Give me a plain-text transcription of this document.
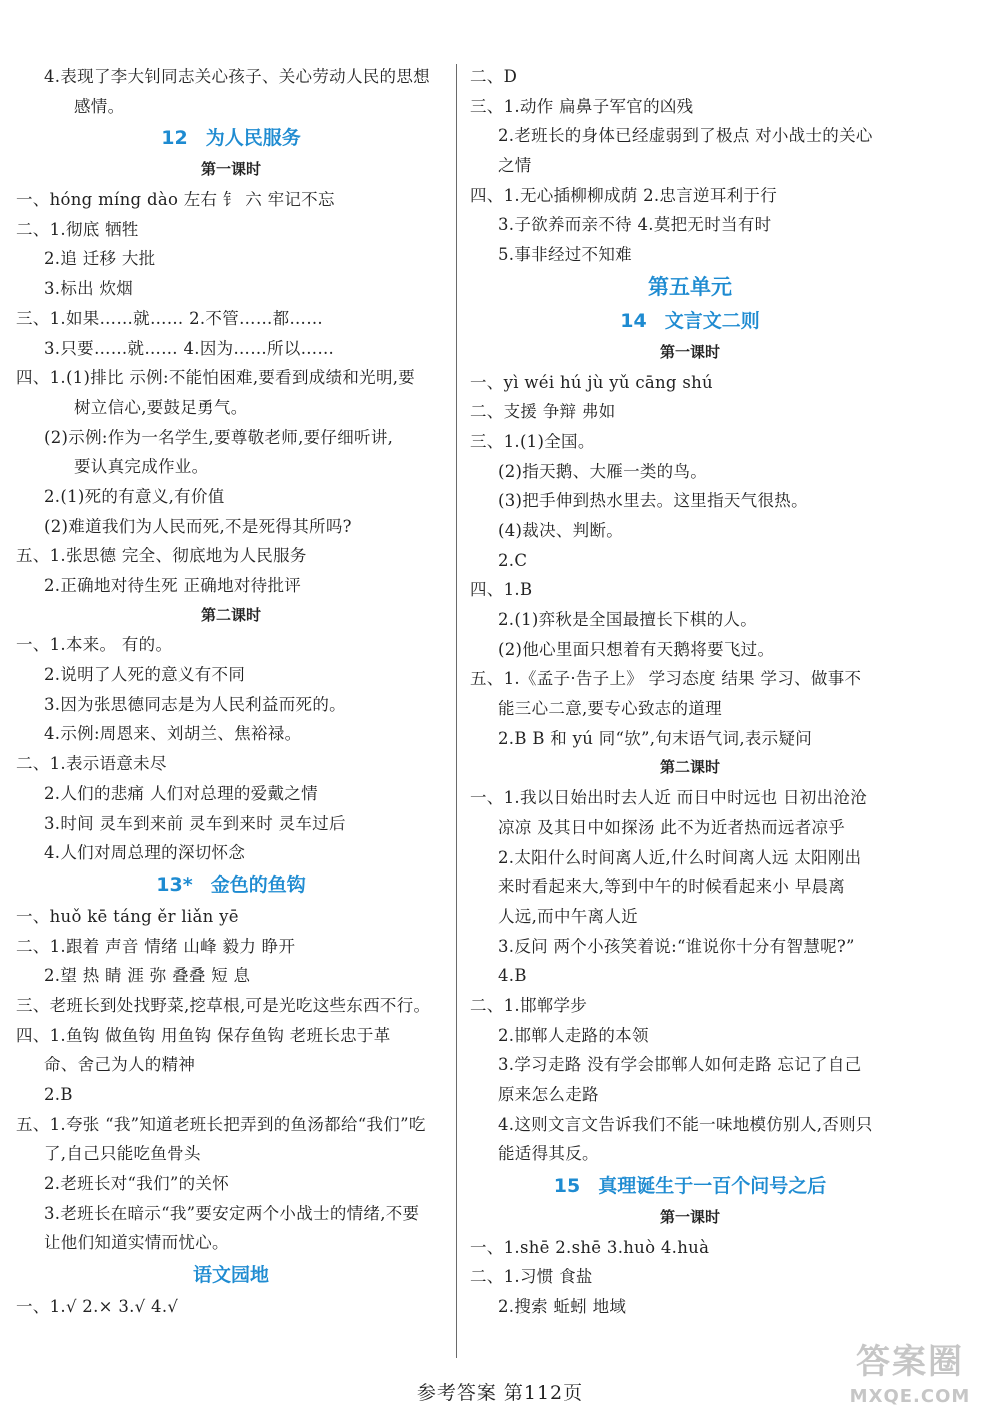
4.表现了李大钊同志关心孩子、关心劳动人民的思想
感情。
12 为人民服务
第一课时
一、hóng míng dào 左右 钅 六 牢记不忘
二、1.彻底 牺牲
2.追 迁移 大批
3.标出 炊烟
三、1.如果……就…… 2.不管……都……
3.只要……就…… 4.因为……所以……
四、1.(1)排比 示例:不能怕困难,要看到成绩和光明,要
树立信心,要鼓足勇气。
(2)示例:作为一名学生,要尊敬老师,要仔细听讲,
要认真完成作业。
2.(1)死的有意义,有价值
(2)难道我们为人民而死,不是死得其所吗?
五、1.张思德 完全、彻底地为人民服务
2.正确地对待生死 正确地对待批评
第二课时
一、1.本来。 有的。
2.说明了人死的意义有不同
3.因为张思德同志是为人民利益而死的。
4.示例:周恩来、刘胡兰、焦裕禄。
二、1.表示语意未尽
2.人们的悲痛 人们对总理的爱戴之情
3.时间 灵车到来前 灵车到来时 灵车过后
4.人们对周总理的深切怀念
13* 金色的鱼钩
一、huǒ kē táng ěr liǎn yē
二、1.跟着 声音 情绪 山峰 毅力 睁开
2.望 热 睛 涯 弥 叠叠 短 息
三、老班长到处找野菜,挖草根,可是光吃这些东西不行。
四、1.鱼钩 做鱼钩 用鱼钩 保存鱼钩 老班长忠于革
命、舍己为人的精神
2.B
五、1.夸张 “我”知道老班长把弄到的鱼汤都给“我们”吃
了,自己只能吃鱼骨头
2.老班长对“我们”的关怀
3.老班长在暗示“我”要安定两个小战士的情绪,不要
让他们知道实情而忧心。
语文园地
一、1.√ 2.× 3.√ 4.√
二、D
三、1.动作 扁鼻子军官的凶残
2.老班长的身体已经虚弱到了极点 对小战士的关心
之情
四、1.无心插柳柳成荫 2.忠言逆耳利于行
3.子欲养而亲不待 4.莫把无时当有时
5.事非经过不知难
第五单元
14 文言文二则
第一课时
一、yì wéi hú jù yǔ cāng shú
二、支援 争辩 弗如
三、1.(1)全国。
(2)指天鹅、大雁一类的鸟。
(3)把手伸到热水里去。这里指天气很热。
(4)裁决、判断。
2.C
四、1.B
2.(1)弈秋是全国最擅长下棋的人。
(2)他心里面只想着有天鹅将要飞过。
五、1.《孟子·告子上》 学习态度 结果 学习、做事不
能三心二意,要专心致志的道理
2.B B 和 yú 同“欤”,句末语气词,表示疑问
第二课时
一、1.我以日始出时去人近 而日中时远也 日初出沧沧
凉凉 及其日中如探汤 此不为近者热而远者凉乎
2.太阳什么时间离人近,什么时间离人远 太阳刚出
来时看起来大,等到中午的时候看起来小 早晨离
人远,而中午离人近
3.反问 两个小孩笑着说:“谁说你十分有智慧呢?”
4.B
二、1.邯郸学步
2.邯郸人走路的本领
3.学习走路 没有学会邯郸人如何走路 忘记了自己
原来怎么走路
4.这则文言文告诉我们不能一味地模仿别人,否则只
能适得其反。
15 真理诞生于一百个问号之后
第一课时
一、1.shē 2.shē 3.huò 4.huà
二、1.习惯 食盐
2.搜索 蚯蚓 地域
参考答案 第112页
答案圈
MXQE.COM
